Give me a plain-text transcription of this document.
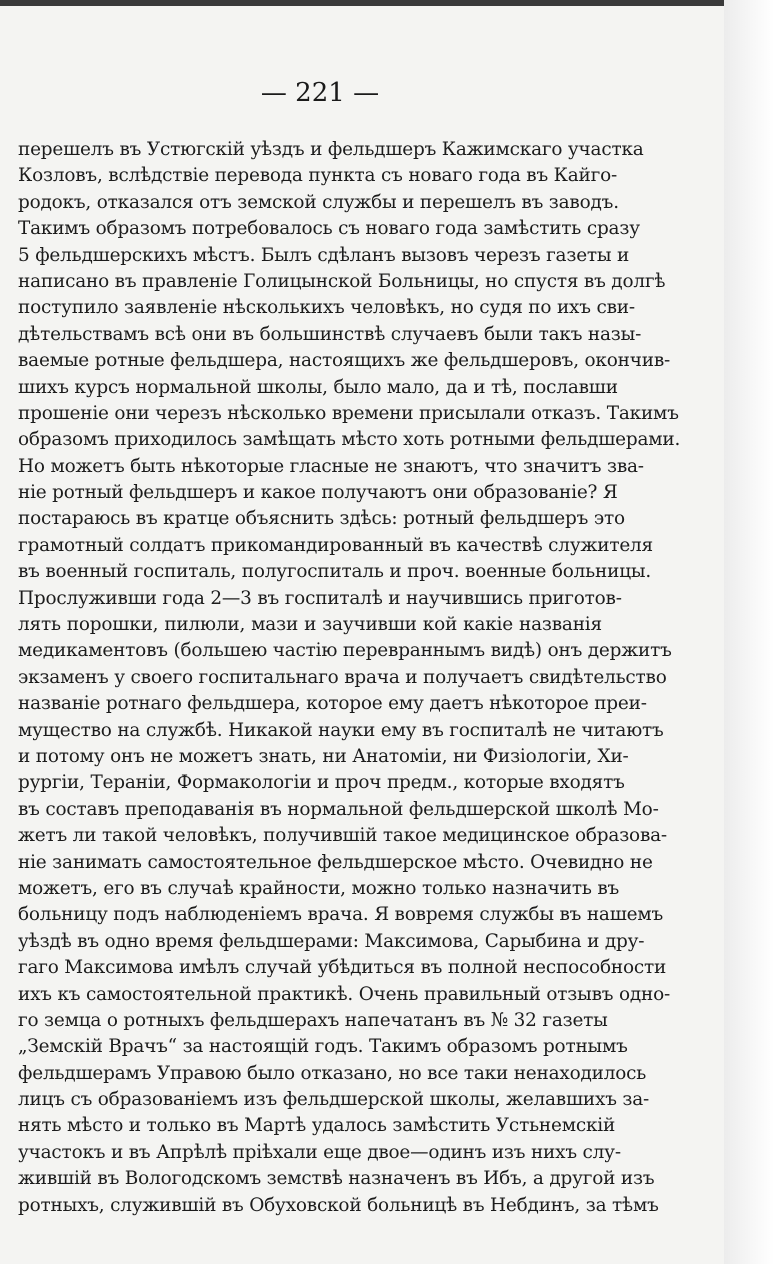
— 221 —
перешелъ въ Устюгскій уѣздъ и фельдшеръ Кажимскаго участка
Козловъ, вслѣдствіе перевода пункта съ новаго года въ Кайго-
родокъ, отказался отъ земской службы и перешелъ въ заводъ.
Такимъ образомъ потребовалось съ новаго года замѣстить сразу
5 фельдшерскихъ мѣстъ. Былъ сдѣланъ вызовъ черезъ газеты и
написано въ правленіе Голицынской Больницы, но спустя въ долгѣ
поступило заявленіе нѣсколькихъ человѣкъ, но судя по ихъ сви-
дѣтельствамъ всѣ они въ большинствѣ случаевъ были такъ назы-
ваемые ротные фельдшера, настоящихъ же фельдшеровъ, окончив-
шихъ курсъ нормальной школы, было мало, да и тѣ, пославши
прошеніе они черезъ нѣсколько времени присылали отказъ. Такимъ
образомъ приходилось замѣщать мѣсто хоть ротными фельдшерами.
Но можетъ быть нѣкоторые гласные не знаютъ, что значитъ зва-
ніе ротный фельдшеръ и какое получаютъ они образованіе? Я
постараюсь въ кратце объяснить здѣсь: ротный фельдшеръ это
грамотный солдатъ прикомандированный въ качествѣ служителя
въ военный госпиталь, полугоспиталь и проч. военные больницы.
Прослуживши года 2—3 въ госпиталѣ и научившись приготов-
лять порошки, пилюли, мази и заучивши кой какіе названія
медикаментовъ (большею частію перевраннымъ видѣ) онъ держитъ
экзаменъ у своего госпитальнаго врача и получаетъ свидѣтельство
названіе ротнаго фельдшера, которое ему даетъ нѣкоторое преи-
мущество на службѣ. Никакой науки ему въ госпиталѣ не читаютъ
и потому онъ не можетъ знать, ни Анатоміи, ни Физіологіи, Хи-
рургіи, Тераніи, Формакологіи и проч предм., которые входятъ
въ составъ преподаванія въ нормальной фельдшерской школѣ Мо-
жетъ ли такой человѣкъ, получившій такое медицинское образова-
ніе занимать самостоятельное фельдшерское мѣсто. Очевидно не
можетъ, его въ случаѣ крайности, можно только назначить въ
больницу подъ наблюденіемъ врача. Я вовремя службы въ нашемъ
уѣздѣ въ одно время фельдшерами: Максимова, Сарыбина и дру-
гаго Максимова имѣлъ случай убѣдиться въ полной неспособности
ихъ къ самостоятельной практикѣ. Очень правильный отзывъ одно-
го земца о ротныхъ фельдшерахъ напечатанъ въ № 32 газеты
„Земскій Врачъ“ за настоящій годъ. Такимъ образомъ ротнымъ
фельдшерамъ Управою было отказано, но все таки ненаходилось
лицъ съ образованіемъ изъ фельдшерской школы, желавшихъ за-
нять мѣсто и только въ Мартѣ удалось замѣстить Устьнемскій
участокъ и въ Апрѣлѣ пріѣхали еще двое—одинъ изъ нихъ слу-
жившій въ Вологодскомъ земствѣ назначенъ въ Ибъ, а другой изъ
ротныхъ, служившій въ Обуховской больницѣ въ Небдинъ, за тѣмъ
